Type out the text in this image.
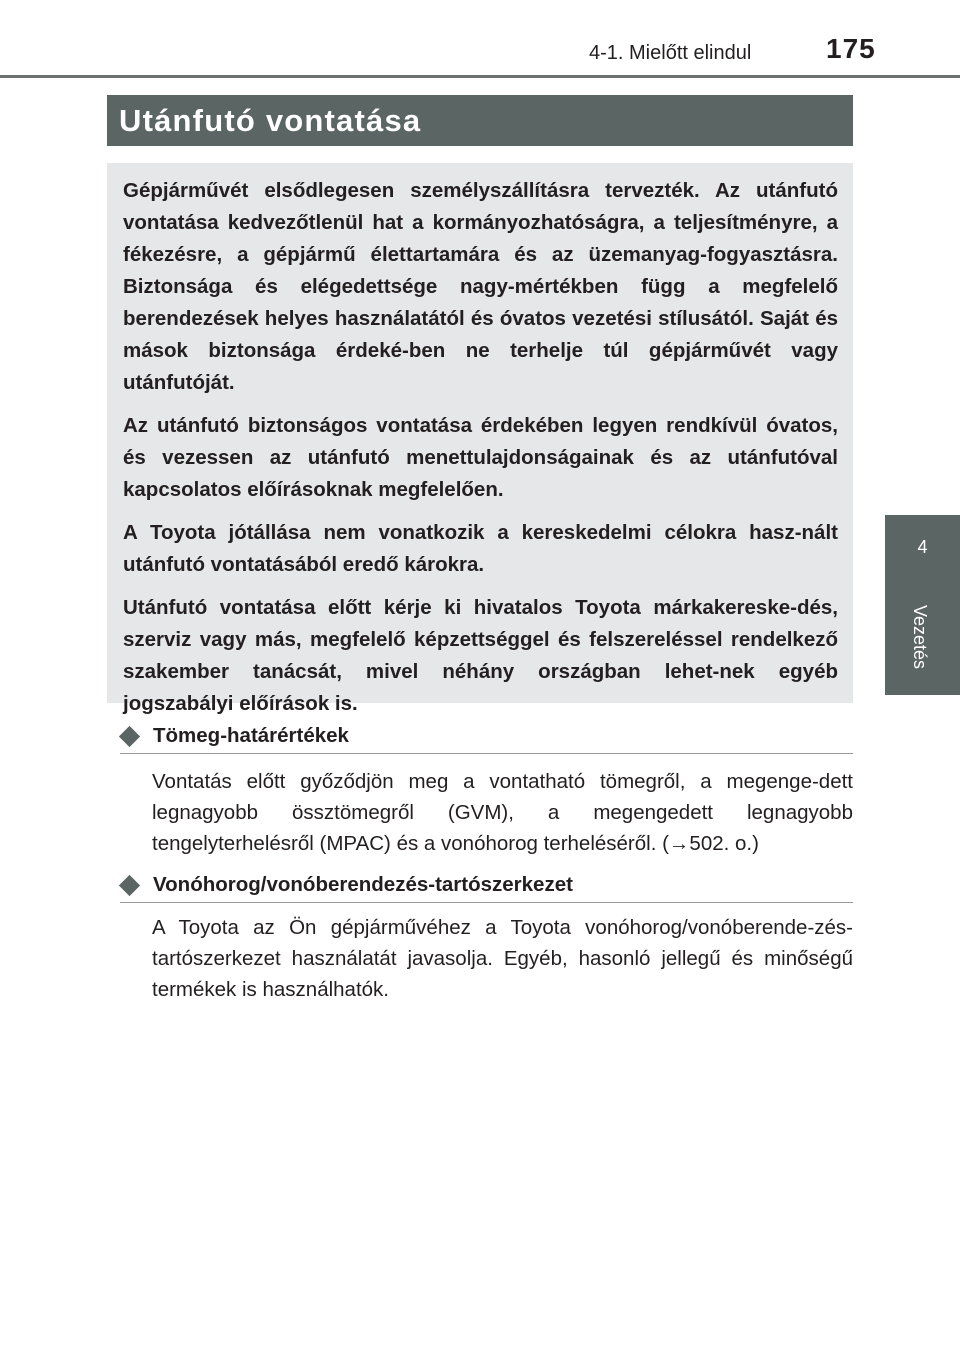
4-1. Mielőtt elindul	175
Utánfutó vontatása
4
Vezetés

Gépjárművét elsődlegesen személyszállításra tervezték. Az utánfutó vontatása kedvezőtlenül hat a kormányozhatóságra, a teljesítményre, a fékezésre, a gépjármű élettartamára és az üzemanyag-fogyasztásra. Biztonsága és elégedettsége nagy-mértékben függ a megfelelő berendezések helyes használatától és óvatos vezetési stílusától. Saját és mások biztonsága érdeké-ben ne terhelje túl gépjárművét vagy utánfutóját.

Az utánfutó biztonságos vontatása érdekében legyen rendkívül óvatos, és vezessen az utánfutó menettulajdonságainak és az utánfutóval kapcsolatos előírásoknak megfelelően.

A Toyota jótállása nem vonatkozik a kereskedelmi célokra hasz-nált utánfutó vontatásából eredő károkra.

Utánfutó vontatása előtt kérje ki hivatalos Toyota márkakereske-dés, szerviz vagy más, megfelelő képzettséggel és felszereléssel rendelkező szakember tanácsát, mivel néhány országban lehet-nek egyéb jogszabályi előírások is.

Tömeg-határértékek

Vontatás előtt győződjön meg a vontatható tömegről, a megenge-dett legnagyobb össztömegről (GVM), a megengedett legnagyobb tengelyterhelésről (MPAC) és a vonóhorog terheléséről. (→502. o.)

Vonóhorog/vonóberendezés-tartószerkezet

A Toyota az Ön gépjárművéhez a Toyota vonóhorog/vonóberende-zés-tartószerkezet használatát javasolja. Egyéb, hasonló jellegű és minőségű termékek is használhatók.
